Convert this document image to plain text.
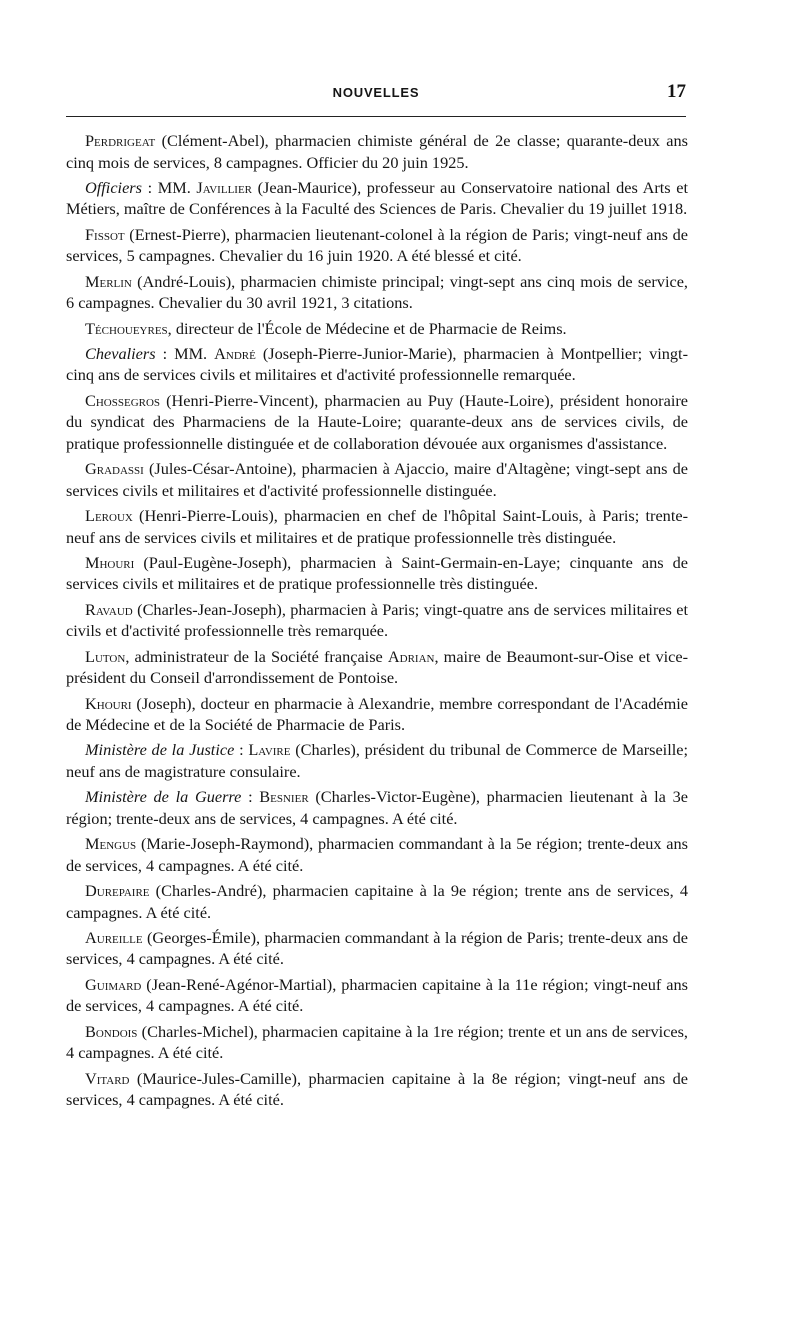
NOUVELLES	17

Perdrigeat (Clément-Abel), pharmacien chimiste général de 2e classe; quarante-deux ans cinq mois de services, 8 campagnes. Officier du 20 juin 1925.

Officiers : MM. Javillier (Jean-Maurice), professeur au Conservatoire national des Arts et Métiers, maître de Conférences à la Faculté des Sciences de Paris. Chevalier du 19 juillet 1918.

Fissot (Ernest-Pierre), pharmacien lieutenant-colonel à la région de Paris; vingt-neuf ans de services, 5 campagnes. Chevalier du 16 juin 1920. A été blessé et cité.

Merlin (André-Louis), pharmacien chimiste principal; vingt-sept ans cinq mois de service, 6 campagnes. Chevalier du 30 avril 1921, 3 citations.

Téchoueyres, directeur de l'École de Médecine et de Pharmacie de Reims.

Chevaliers : MM. André (Joseph-Pierre-Junior-Marie), pharmacien à Montpellier; vingt-cinq ans de services civils et militaires et d'activité professionnelle remarquée.

Chossegros (Henri-Pierre-Vincent), pharmacien au Puy (Haute-Loire), président honoraire du syndicat des Pharmaciens de la Haute-Loire; quarante-deux ans de services civils, de pratique professionnelle distinguée et de collaboration dévouée aux organismes d'assistance.

Gradassi (Jules-César-Antoine), pharmacien à Ajaccio, maire d'Altagène; vingt-sept ans de services civils et militaires et d'activité professionnelle distinguée.

Leroux (Henri-Pierre-Louis), pharmacien en chef de l'hôpital Saint-Louis, à Paris; trente-neuf ans de services civils et militaires et de pratique professionnelle très distinguée.

Mhouri (Paul-Eugène-Joseph), pharmacien à Saint-Germain-en-Laye; cinquante ans de services civils et militaires et de pratique professionnelle très distinguée.

Ravaud (Charles-Jean-Joseph), pharmacien à Paris; vingt-quatre ans de services militaires et civils et d'activité professionnelle très remarquée.

Luton, administrateur de la Société française Adrian, maire de Beaumont-sur-Oise et vice-président du Conseil d'arrondissement de Pontoise.

Khouri (Joseph), docteur en pharmacie à Alexandrie, membre correspondant de l'Académie de Médecine et de la Société de Pharmacie de Paris.

Ministère de la Justice : Lavire (Charles), président du tribunal de Commerce de Marseille; neuf ans de magistrature consulaire.

Ministère de la Guerre : Besnier (Charles-Victor-Eugène), pharmacien lieutenant à la 3e région; trente-deux ans de services, 4 campagnes. A été cité.

Mengus (Marie-Joseph-Raymond), pharmacien commandant à la 5e région; trente-deux ans de services, 4 campagnes. A été cité.

Durepaire (Charles-André), pharmacien capitaine à la 9e région; trente ans de services, 4 campagnes. A été cité.

Aureille (Georges-Émile), pharmacien commandant à la région de Paris; trente-deux ans de services, 4 campagnes. A été cité.

Guimard (Jean-René-Agénor-Martial), pharmacien capitaine à la 11e région; vingt-neuf ans de services, 4 campagnes. A été cité.

Bondois (Charles-Michel), pharmacien capitaine à la 1re région; trente et un ans de services, 4 campagnes. A été cité.

Vitard (Maurice-Jules-Camille), pharmacien capitaine à la 8e région; vingt-neuf ans de services, 4 campagnes. A été cité.
